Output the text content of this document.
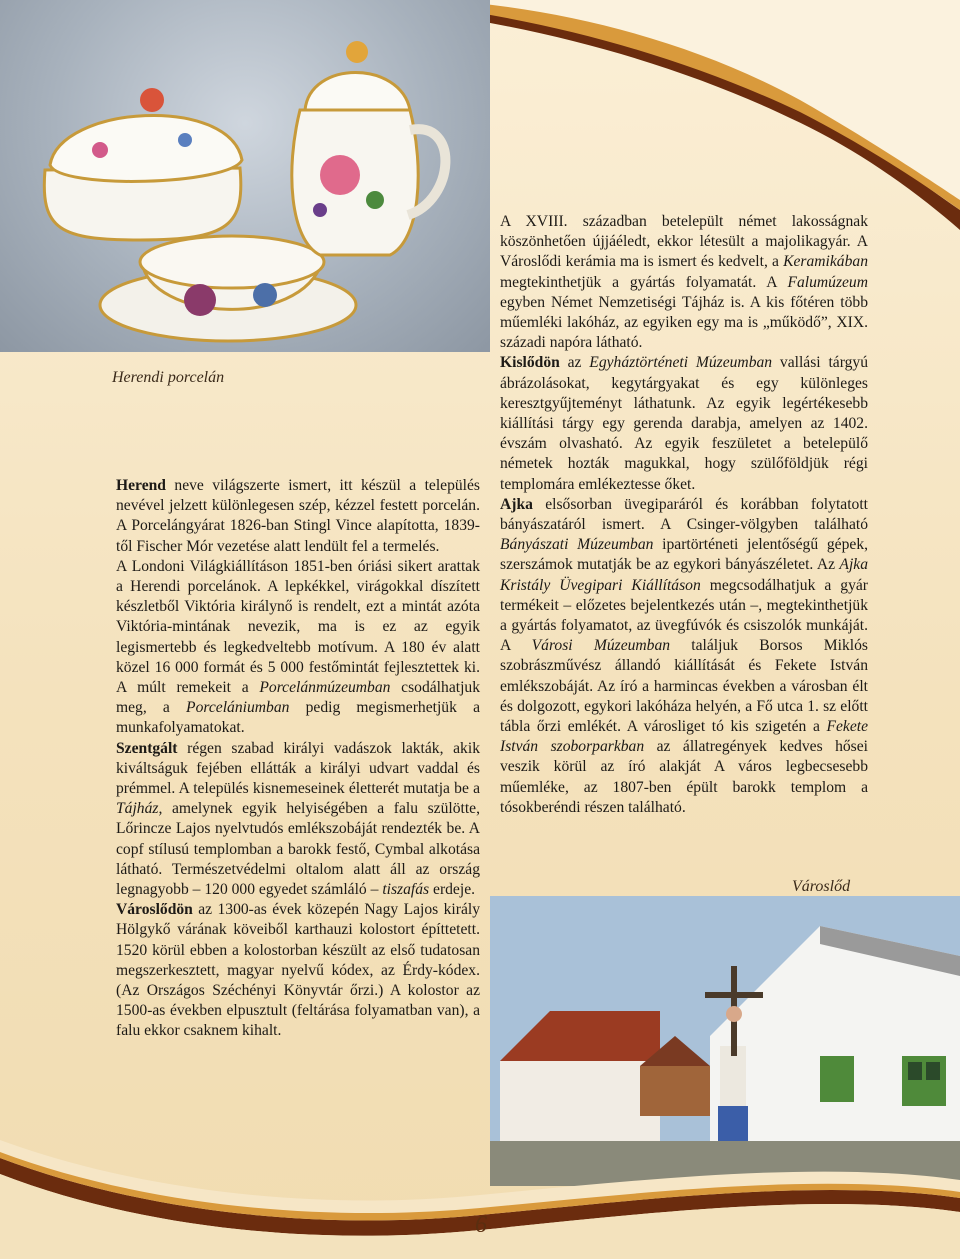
Herendi porcelán

Herend neve világszerte ismert, itt készül a település nevével jelzett különlegesen szép, kézzel festett porcelán. A Porcelángyárat 1826-ban Stingl Vince alapította, 1839-től Fischer Mór vezetése alatt lendült fel a termelés.

A Londoni Világkiállításon 1851-ben óriási sikert arattak a Herendi porcelánok. A lepkékkel, virágokkal díszített készletből Viktória királynő is rendelt, ezt a mintát azóta Viktória-mintának nevezik, ma is ez az egyik legismertebb és legkedveltebb motívum. A 180 év alatt közel 16 000 formát és 5 000 festőmintát fejlesztettek ki. A múlt remekeit a Porcelánmúzeumban csodálhatjuk meg, a Porcelániumban pedig megismerhetjük a munkafolyamatokat.

Szentgált régen szabad királyi vadászok lakták, akik kiváltságuk fejében ellátták a királyi udvart vaddal és prémmel. A település kisnemeseinek életterét mutatja be a Tájház, amelynek egyik helyiségében a falu szülötte, Lőrincze Lajos nyelvtudós emlékszobáját rendezték be. A copf stílusú templomban a barokk festő, Cymbal alkotása látható. Természetvédelmi oltalom alatt áll az ország legnagyobb – 120 000 egyedet számláló – tiszafás erdeje.

Városlődön az 1300-as évek közepén Nagy Lajos király Hölgykő várának köveiből karthauzi kolostort építtetett. 1520 körül ebben a kolostorban készült az első tudatosan megszerkesztett, magyar nyelvű kódex, az Érdy-kódex. (Az Országos Széchényi Könyvtár őrzi.) A kolostor az 1500-as években elpusztult (feltárása folyamatban van), a falu ekkor csaknem kihalt.

A XVIII. században betelepült német lakosságnak köszönhetően újjáéledt, ekkor létesült a majolikagyár. A Városlődi kerámia ma is ismert és kedvelt, a Keramikában megtekinthetjük a gyártás folyamatát. A Falumúzeum egyben Német Nemzetiségi Tájház is. A kis főtéren több műemléki lakóház, az egyiken egy ma is „működő”, XIX. századi napóra látható.

Kislődön az Egyháztörténeti Múzeumban vallási tárgyú ábrázolásokat, kegytárgyakat és egy különleges keresztgyűjteményt láthatunk. Az egyik legértékesebb kiállítási tárgy egy gerenda darabja, amelyen az 1402. évszám olvasható. Az egyik feszületet a betelepülő németek hozták magukkal, hogy szülőföldjük régi templomára emlékeztesse őket.

Ajka elsősorban üvegiparáról és korábban folytatott bányászatáról ismert. A Csinger-völgyben található Bányászati Múzeumban ipartörténeti jelentőségű gépek, szerszámok mutatják be az egykori bányászéletet. Az Ajka Kristály Üvegipari Kiállításon megcsodálhatjuk a gyár termékeit – előzetes bejelentkezés után –, megtekinthetjük a gyártás folyamatot, az üvegfúvók és csiszolók munkáját. A Városi Múzeumban találjuk Borsos Miklós szobrászművész állandó kiállítását és Fekete István emlékszobáját. Az író a harmincas években a városban élt és dolgozott, egykori lakóháza helyén, a Fő utca 1. sz előtt tábla őrzi emlékét. A városliget tó kis szigetén a Fekete István szoborparkban az állatregények kedves hősei veszik körül az író alakját A város legbecsesebb műemléke, az 1807-ben épült barokk templom a tósokberéndi részen található.

Városlőd
6
